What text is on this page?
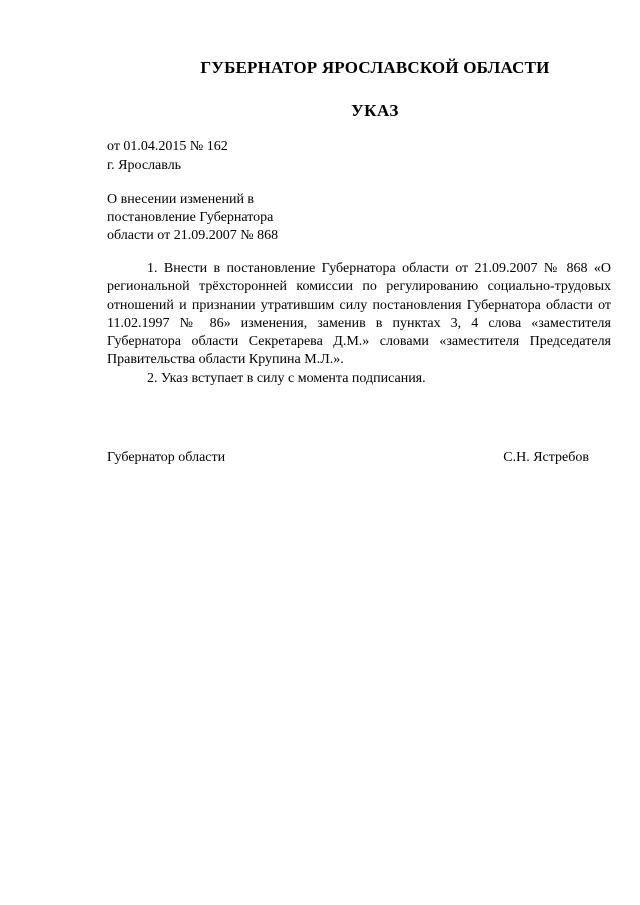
ГУБЕРНАТОР ЯРОСЛАВСКОЙ ОБЛАСТИ
УКАЗ
от 01.04.2015 № 162
г. Ярославль
О внесении изменений в
постановление Губернатора
области от 21.09.2007 № 868

1. Внести в постановление Губернатора области от 21.09.2007 № 868 «О региональной трёхсторонней комиссии по регулированию социально-трудовых отношений и признании утратившим силу постановления Губернатора области от 11.02.1997 № 86» изменения, заменив в пунктах 3, 4 слова «заместителя Губернатора области Секретарева Д.М.» словами «заместителя Председателя Правительства области Крупина М.Л.».

2. Указ вступает в силу с момента подписания.

Губернатор области	С.Н. Ястребов
